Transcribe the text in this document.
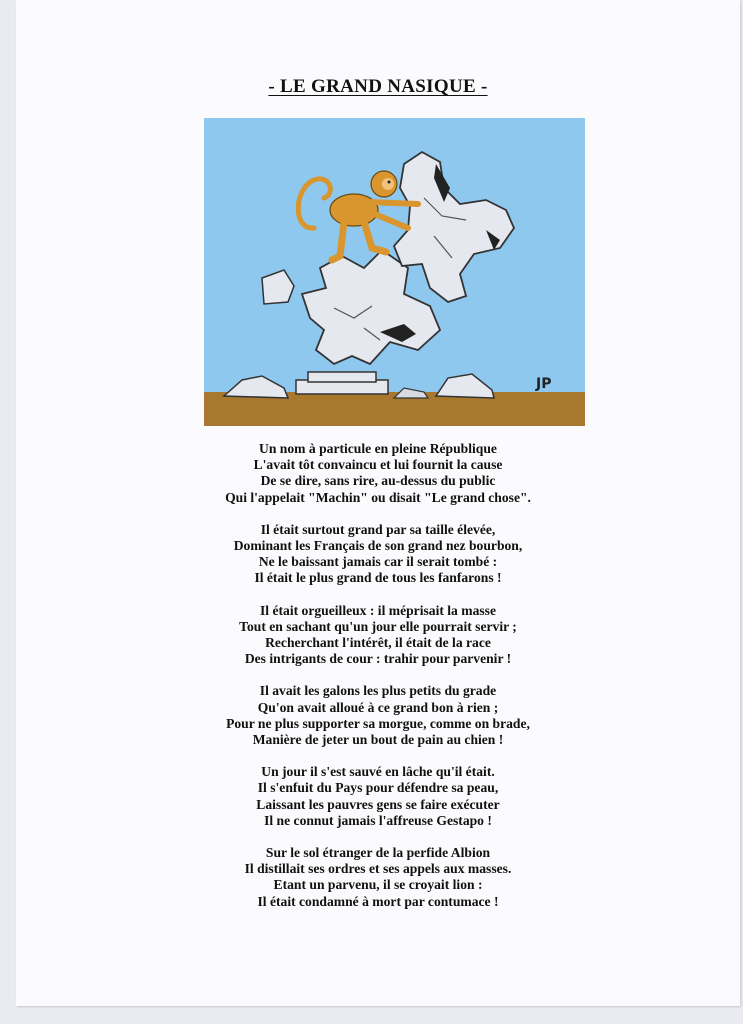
- LE GRAND NASIQUE -
JP
Un nom à particule en pleine République
L'avait tôt convaincu et lui fournit la cause
De se dire, sans rire, au-dessus du public
Qui l'appelait "Machin" ou disait "Le grand chose".
Il était surtout grand par sa taille élevée,
Dominant les Français de son grand nez bourbon,
Ne le baissant jamais car il serait tombé :
Il était le plus grand de tous les fanfarons !
Il était orgueilleux : il méprisait la masse
Tout en sachant qu'un jour elle pourrait servir ;
Recherchant l'intérêt, il était de la race
Des intrigants de cour : trahir pour parvenir !
Il avait les galons les plus petits du grade
Qu'on avait alloué à ce grand bon à rien ;
Pour ne plus supporter sa morgue, comme on brade,
Manière de jeter un bout de pain au chien !
Un jour il s'est sauvé en lâche qu'il était.
Il s'enfuit du Pays pour défendre sa peau,
Laissant les pauvres gens se faire exécuter
Il ne connut jamais l'affreuse Gestapo !
Sur le sol étranger de la perfide Albion
Il distillait ses ordres et ses appels aux masses.
Etant un parvenu, il se croyait lion :
Il était condamné à mort par contumace !
